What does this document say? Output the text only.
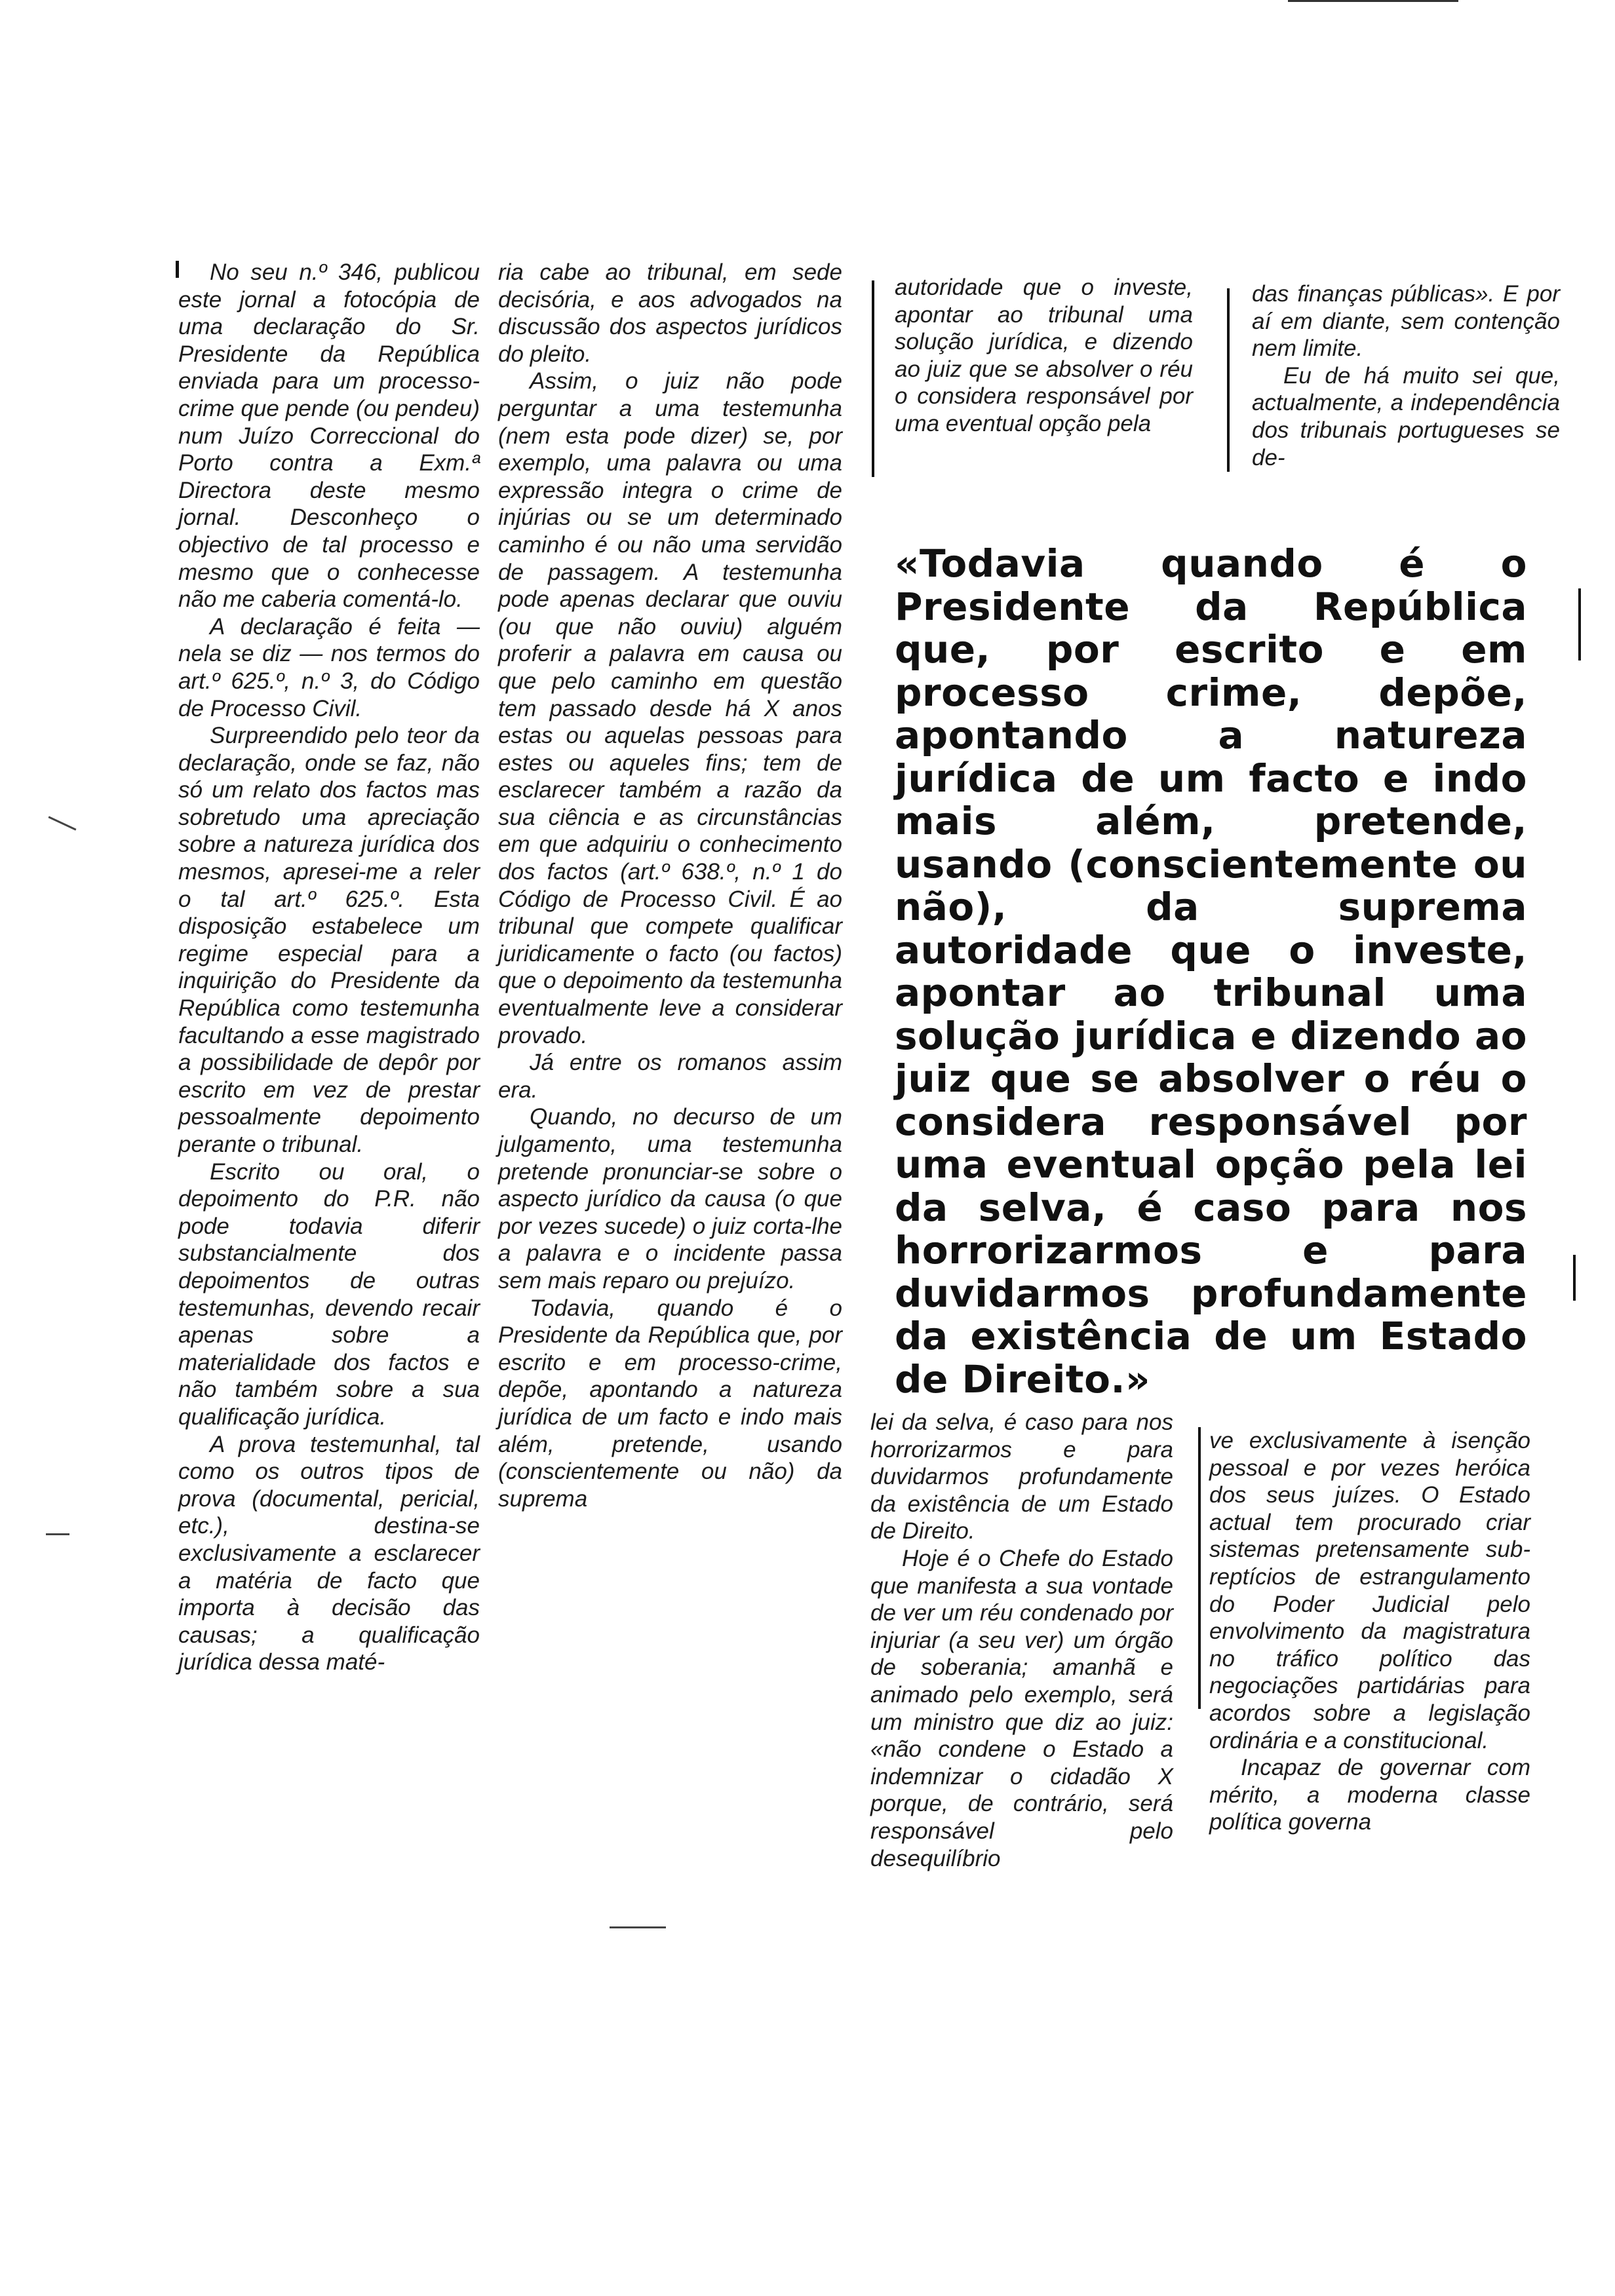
No seu n.º 346, publicou este jornal a fotocópia de uma declaração do Sr. Presidente da República enviada para um processo-crime que pende (ou pendeu) num Juízo Correccional do Porto contra a Exm.ª Directora deste mesmo jornal. Desconheço o objectivo de tal processo e mesmo que o conhecesse não me caberia comentá-lo.

A declaração é feita — nela se diz — nos termos do art.º 625.º, n.º 3, do Código de Processo Civil.

Surpreendido pelo teor da declaração, onde se faz, não só um relato dos factos mas sobretudo uma apreciação sobre a natureza jurídica dos mesmos, apresei-me a reler o tal art.º 625.º. Esta disposição estabelece um regime especial para a inquirição do Presidente da República como testemunha facultando a esse magistrado a possibilidade de depôr por escrito em vez de prestar pessoalmente depoimento perante o tribunal.

Escrito ou oral, o depoimento do P.R. não pode todavia diferir substancialmente dos depoimentos de outras testemunhas, devendo recair apenas sobre a materialidade dos factos e não também sobre a sua qualificação jurídica.

A prova testemunhal, tal como os outros tipos de prova (documental, pericial, etc.), destina-se exclusivamente a esclarecer a matéria de facto que importa à decisão das causas; a qualificação jurídica dessa maté-

ria cabe ao tribunal, em sede decisória, e aos advogados na discussão dos aspectos jurídicos do pleito.

Assim, o juiz não pode perguntar a uma testemunha (nem esta pode dizer) se, por exemplo, uma palavra ou uma expressão integra o crime de injúrias ou se um determinado caminho é ou não uma servidão de passagem. A testemunha pode apenas declarar que ouviu (ou que não ouviu) alguém proferir a palavra em causa ou que pelo caminho em questão tem passado desde há X anos estas ou aquelas pessoas para estes ou aqueles fins; tem de esclarecer também a razão da sua ciência e as circunstâncias em que adquiriu o conhecimento dos factos (art.º 638.º, n.º 1 do Código de Processo Civil. É ao tribunal que compete qualificar juridicamente o facto (ou factos) que o depoimento da testemunha eventualmente leve a considerar provado.

Já entre os romanos assim era.

Quando, no decurso de um julgamento, uma testemunha pretende pronunciar-se sobre o aspecto jurídico da causa (o que por vezes sucede) o juiz corta-lhe a palavra e o incidente passa sem mais reparo ou prejuízo.

Todavia, quando é o Presidente da República que, por escrito e em processo-crime, depõe, apontando a natureza jurídica de um facto e indo mais além, pretende, usando (conscientemente ou não) da suprema

autoridade que o investe, apontar ao tribunal uma solução jurídica, e dizendo ao juiz que se absolver o réu o considera responsável por uma eventual opção pela

das finanças públicas». E por aí em diante, sem contenção nem limite.

Eu de há muito sei que, actualmente, a independência dos tribunais portugueses se de-

«Todavia quando é o Presidente da República que, por escrito e em processo crime, depõe, apontando a natureza jurídica de um facto e indo mais além, pretende, usando (conscientemente ou não), da suprema autoridade que o investe, apontar ao tribunal uma solução jurídica e dizendo ao juiz que se absolver o réu o considera responsável por uma eventual opção pela lei da selva, é caso para nos horrorizarmos e para duvidarmos profundamente da existência de um Estado de Direito.»

lei da selva, é caso para nos horrorizarmos e para duvidarmos profundamente da existência de um Estado de Direito.

Hoje é o Chefe do Estado que manifesta a sua vontade de ver um réu condenado por injuriar (a seu ver) um órgão de soberania; amanhã e animado pelo exemplo, será um ministro que diz ao juiz: «não condene o Estado a indemnizar o cidadão X porque, de contrário, será responsável pelo desequilíbrio

ve exclusivamente à isenção pessoal e por vezes heróica dos seus juízes. O Estado actual tem procurado criar sistemas pretensamente sub-reptícios de estrangulamento do Poder Judicial pelo envolvimento da magistratura no tráfico político das negociações partidárias para acordos sobre a legislação ordinária e a constitucional.

Incapaz de governar com mérito, a moderna classe política governa
